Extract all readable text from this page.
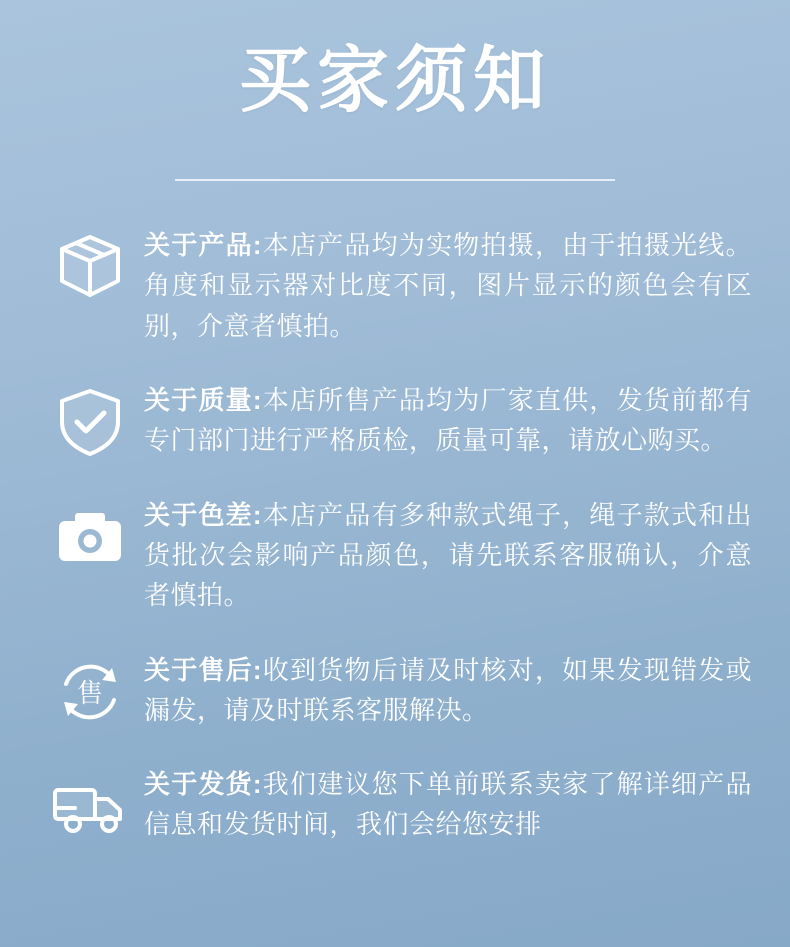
买家须知
关于产品:本店产品均为实物拍摄，由于拍摄光线。角度和显示器对比度不同，图片显示的颜色会有区别，介意者慎拍。
关于质量:本店所售产品均为厂家直供，发货前都有专门部门进行严格质检，质量可靠，请放心购买。
关于色差:本店产品有多种款式绳子，绳子款式和出货批次会影响产品颜色，请先联系客服确认，介意者慎拍。
售
关于售后:收到货物后请及时核对，如果发现错发或漏发，请及时联系客服解决。
关于发货:我们建议您下单前联系卖家了解详细产品信息和发货时间，我们会给您安排
